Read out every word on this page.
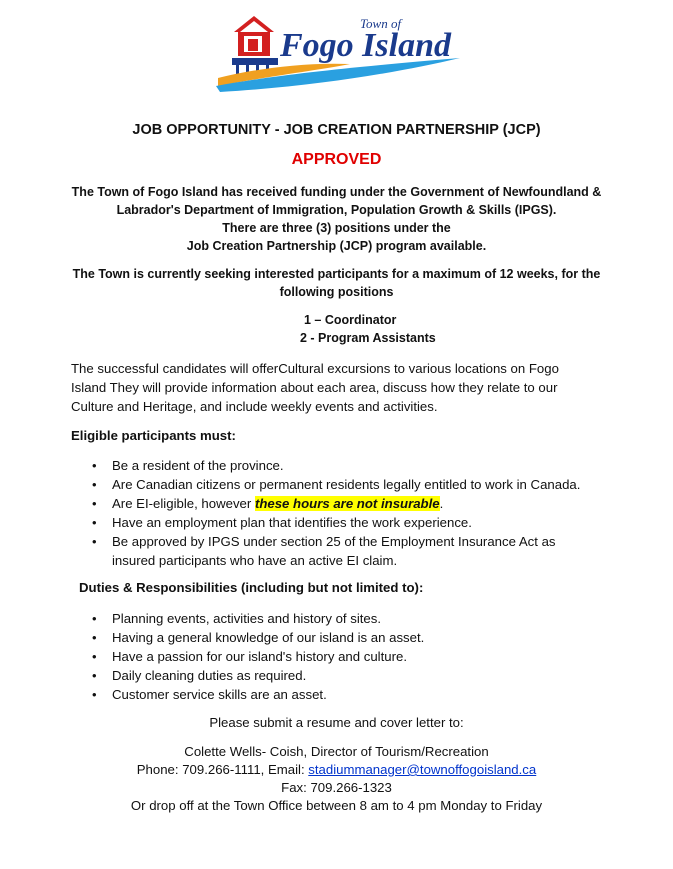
Town of
Fogo Island
JOB OPPORTUNITY - JOB CREATION PARTNERSHIP (JCP)
APPROVED
The Town of Fogo Island has received funding under the Government of Newfoundland &
Labrador's Department of Immigration, Population Growth & Skills (IPGS).
There are three (3) positions under the
Job Creation Partnership (JCP) program available.
The Town is currently seeking interested participants for a maximum of 12 weeks, for the
following positions
1 – Coordinator
2 - Program Assistants
The successful candidates will offerCultural excursions to various locations on Fogo
Island They will provide information about each area, discuss how they relate to our
Culture and Heritage, and include weekly events and activities.
Eligible participants must:
• Be a resident of the province.
• Are Canadian citizens or permanent residents legally entitled to work in Canada.
• Are EI-eligible, however these hours are not insurable.
• Have an employment plan that identifies the work experience.
• Be approved by IPGS under section 25 of the Employment Insurance Act as
insured participants who have an active EI claim.
Duties & Responsibilities (including but not limited to):
• Planning events, activities and history of sites.
• Having a general knowledge of our island is an asset.
• Have a passion for our island's history and culture.
• Daily cleaning duties as required.
• Customer service skills are an asset.
Please submit a resume and cover letter to:
Colette Wells- Coish, Director of Tourism/Recreation
Phone: 709.266-1111, Email: stadiummanager@townoffogoisland.ca
Fax: 709.266-1323
Or drop off at the Town Office between 8 am to 4 pm Monday to Friday
